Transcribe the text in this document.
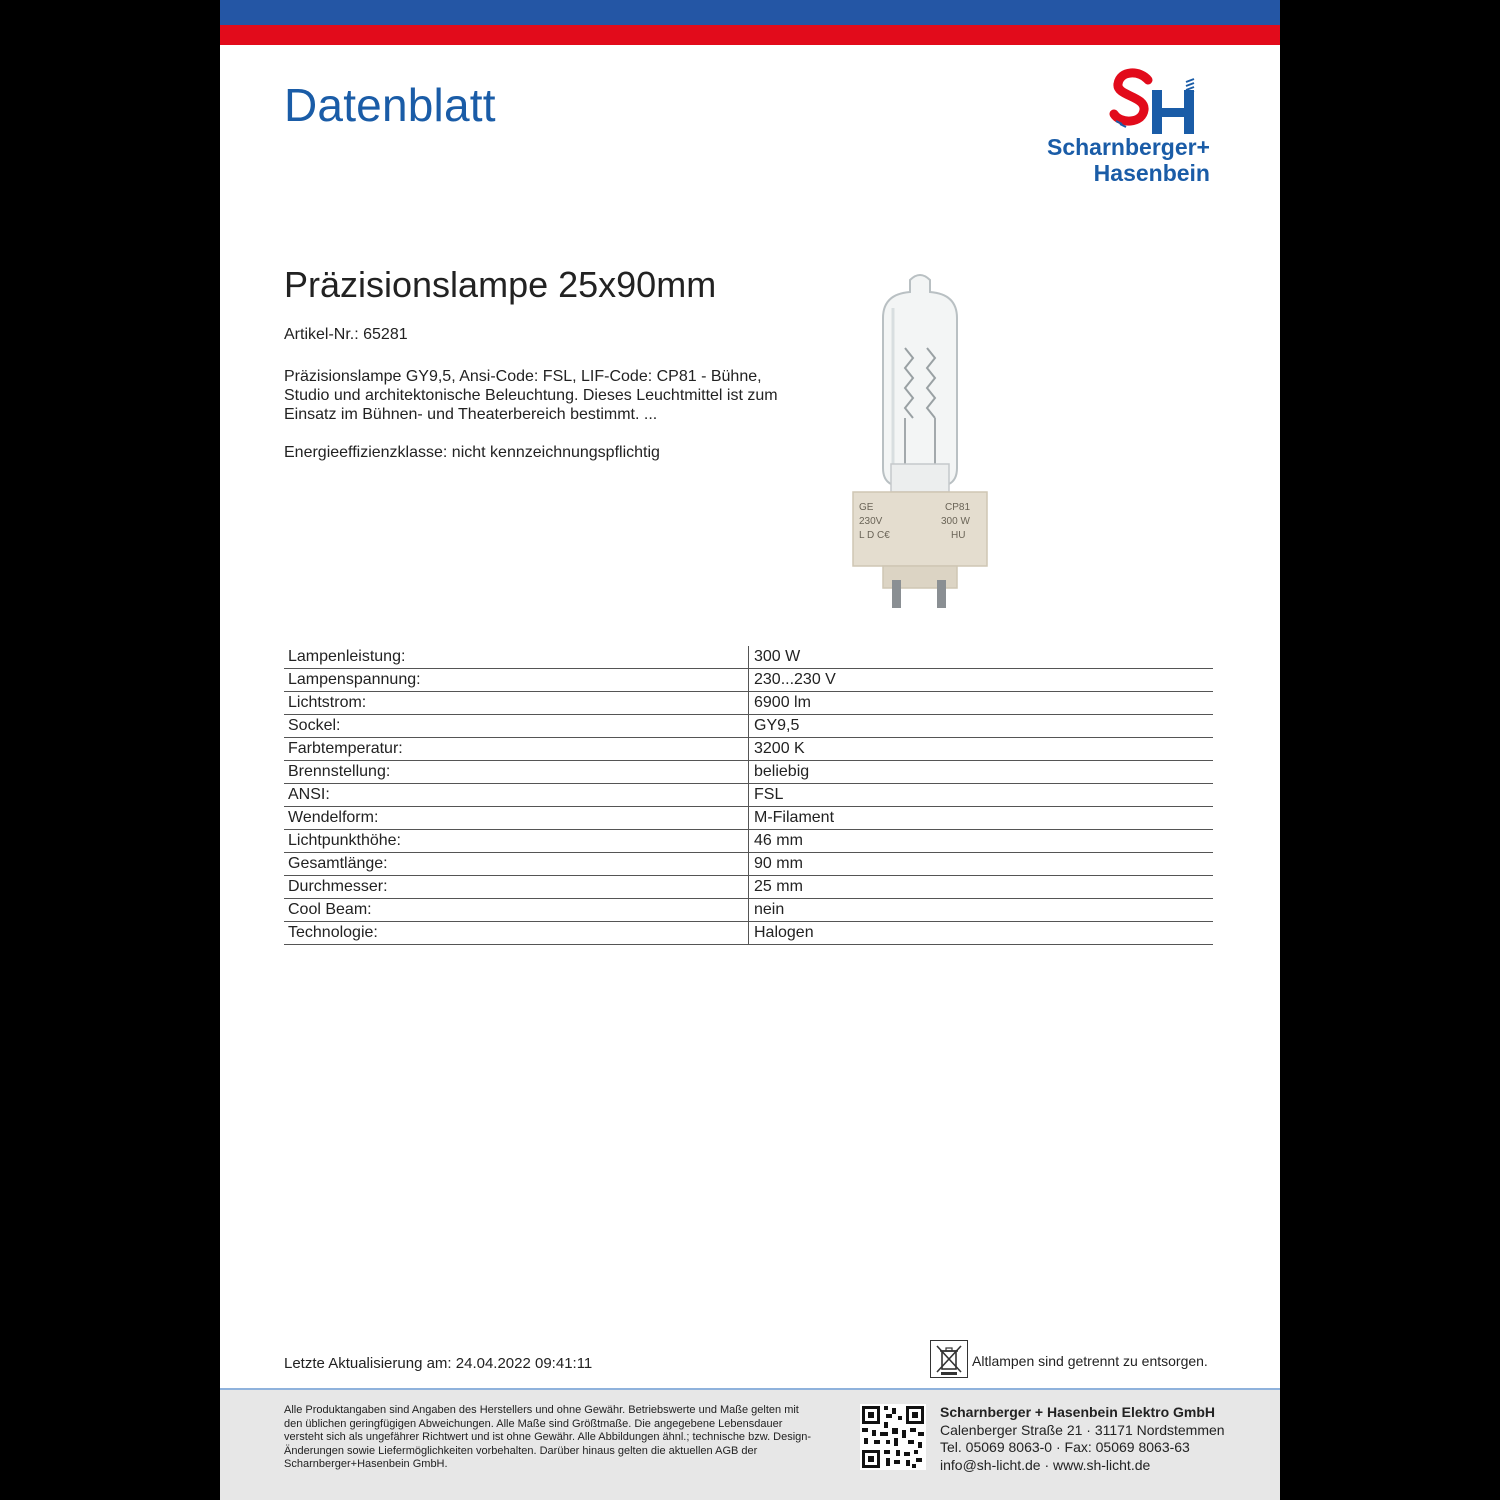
Datenblatt
Scharnberger+
Hasenbein
Präzisionslampe 25x90mm
Artikel-Nr.: 65281
Präzisionslampe GY9,5, Ansi-Code: FSL, LIF-Code: CP81 - Bühne, Studio und architektonische Beleuchtung. Dieses Leuchtmittel ist zum Einsatz im Bühnen- und Theaterbereich bestimmt. ...
Energieeffizienzklasse: nicht kennzeichnungspflichtig
GE
230V
L D C€
CP81
300 W
HU
Lampenleistung:	300 W
Lampenspannung:	230...230 V
Lichtstrom:	6900 lm
Sockel:	GY9,5
Farbtemperatur:	3200 K
Brennstellung:	beliebig
ANSI:	FSL
Wendelform:	M-Filament
Lichtpunkthöhe:	46 mm
Gesamtlänge:	90 mm
Durchmesser:	25 mm
Cool Beam:	nein
Technologie:	Halogen
Letzte Aktualisierung am: 24.04.2022 09:41:11	Altlampen sind getrennt zu entsorgen.
Alle Produktangaben sind Angaben des Herstellers und ohne Gewähr. Betriebswerte und Maße gelten mit den üblichen geringfügigen Abweichungen. Alle Maße sind Größtmaße. Die angegebene Lebensdauer versteht sich als ungefährer Richtwert und ist ohne Gewähr. Alle Abbildungen ähnl.; technische bzw. Design-Änderungen sowie Liefermöglichkeiten vorbehalten. Darüber hinaus gelten die aktuellen AGB der Scharnberger+Hasenbein GmbH.
Scharnberger + Hasenbein Elektro GmbH
Calenberger Straße 21 · 31171 Nordstemmen
Tel. 05069 8063-0 · Fax: 05069 8063-63
info@sh-licht.de · www.sh-licht.de
